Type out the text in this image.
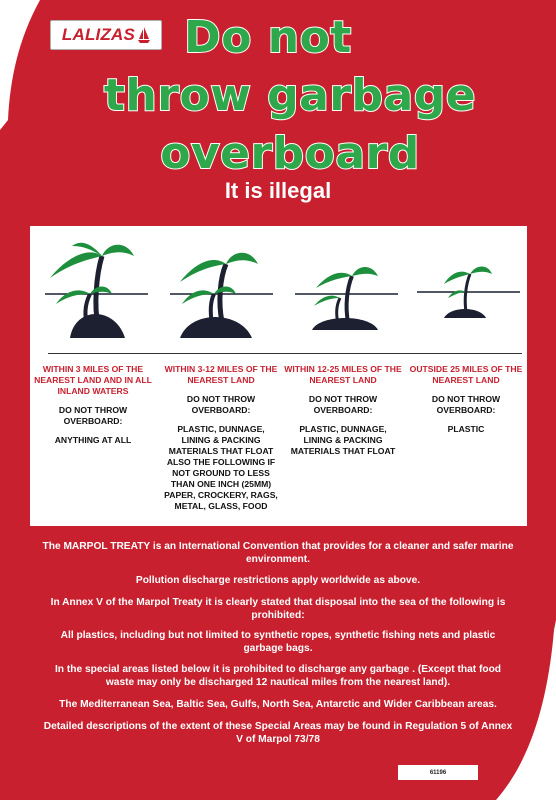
LALIZAS	Do not
throw garbage
overboard
It is illegal
WITHIN 3 MILES OF THE NEAREST LAND AND IN ALL INLAND WATERS
DO NOT THROW OVERBOARD:
ANYTHING AT ALL
WITHIN 3-12 MILES OF THE NEAREST LAND
DO NOT THROW OVERBOARD:
PLASTIC, DUNNAGE, LINING & PACKING MATERIALS THAT FLOAT ALSO THE FOLLOWING IF NOT GROUND TO LESS THAN ONE INCH (25MM) PAPER, CROCKERY, RAGS, METAL, GLASS, FOOD
WITHIN 12-25 MILES OF THE NEAREST LAND
DO NOT THROW OVERBOARD:
PLASTIC, DUNNAGE, LINING & PACKING MATERIALS THAT FLOAT
OUTSIDE 25 MILES OF THE NEAREST LAND
DO NOT THROW OVERBOARD:
PLASTIC
The MARPOL TREATY is an International Convention that provides for a cleaner and safer marine environment.
Pollution discharge restrictions apply worldwide as above.
In Annex V of the Marpol Treaty it is clearly stated that disposal into the sea of the following is prohibited:
All plastics, including but not limited to synthetic ropes, synthetic fishing nets and plastic garbage bags.
In the special areas listed below it is prohibited to discharge any garbage . (Except that food waste may only be discharged 12 nautical miles from the nearest land).
The Mediterranean Sea, Baltic Sea, Gulfs, North Sea, Antarctic and Wider Caribbean areas.
Detailed descriptions of the extent of these Special Areas may be found in Regulation 5 of Annex V of Marpol 73/78
61196
